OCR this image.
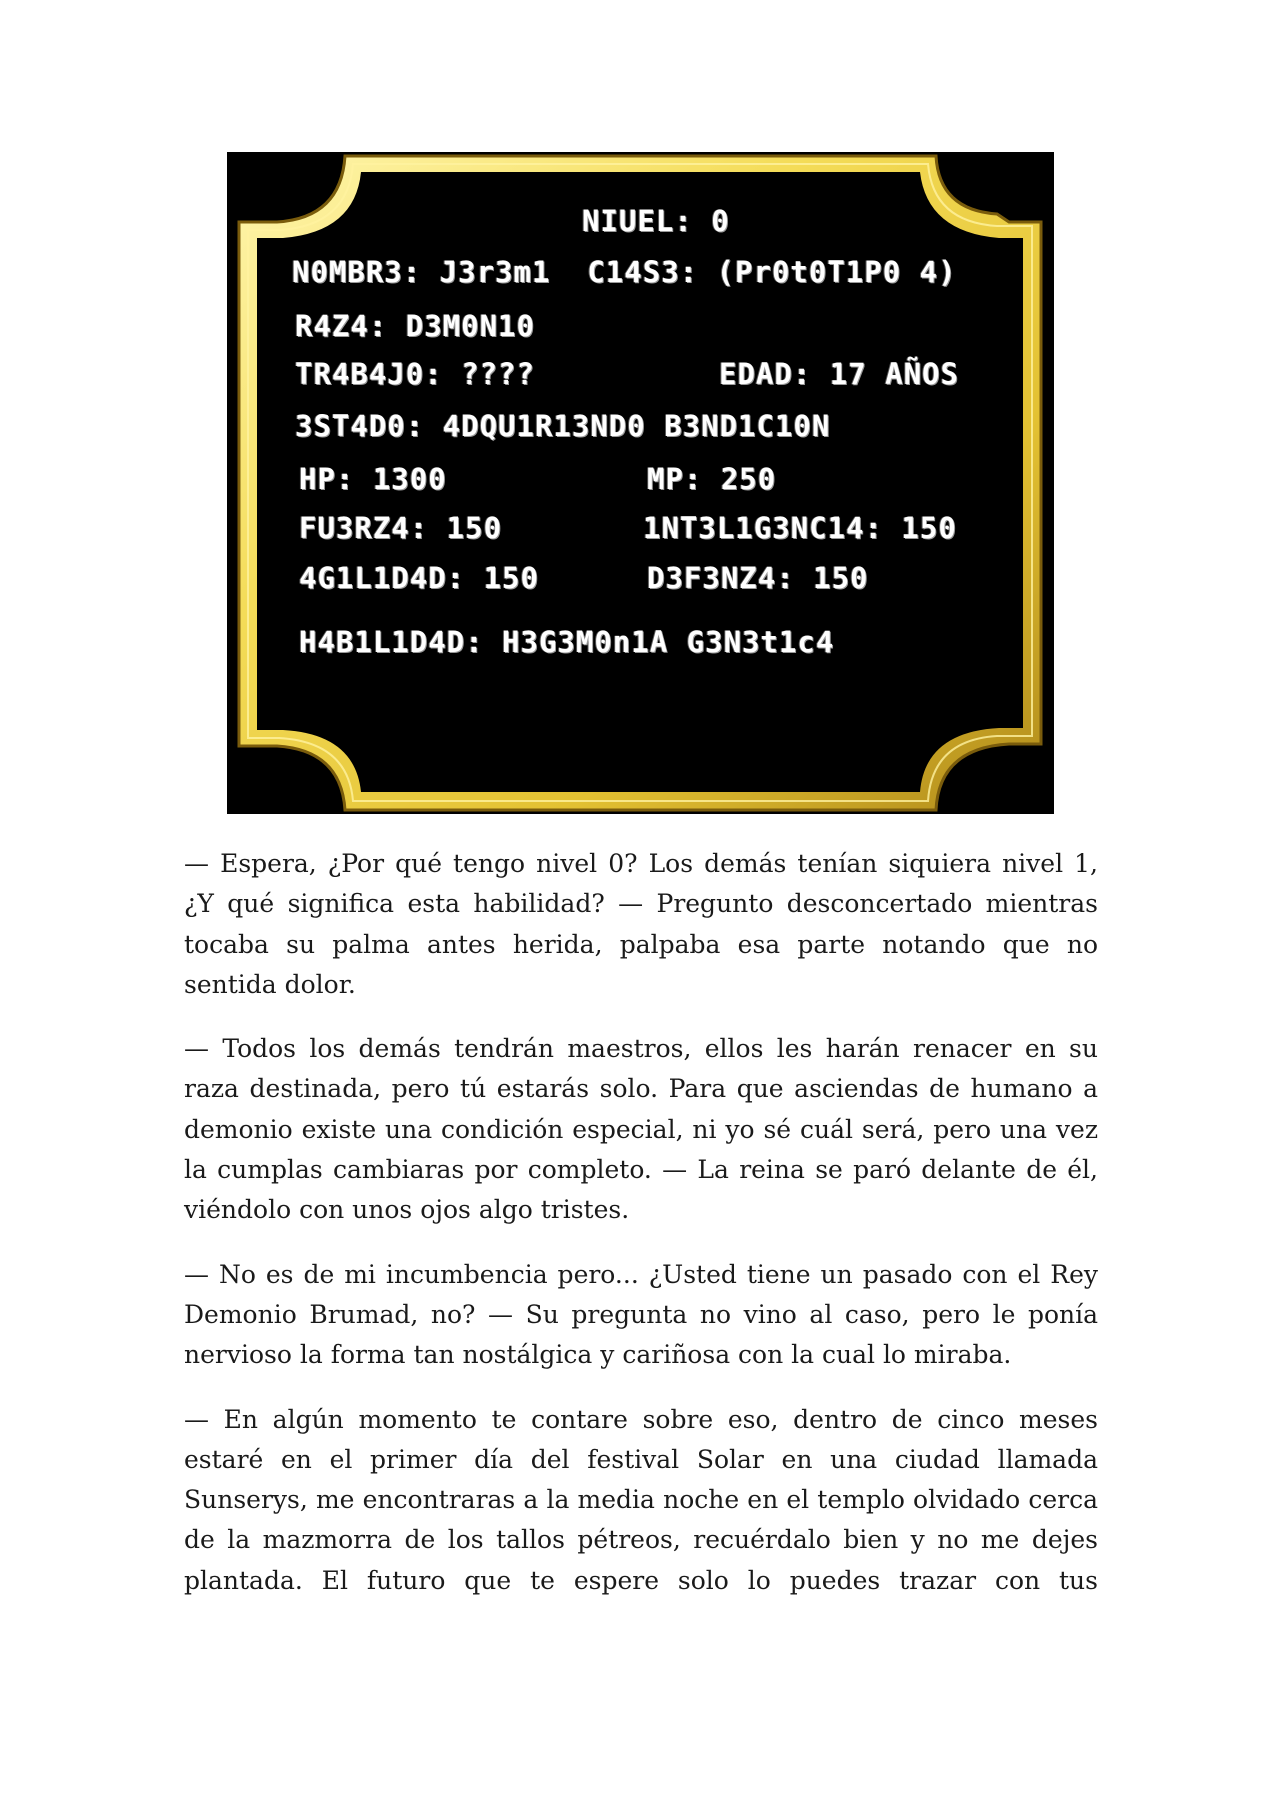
NIUEL: 0
N0MBR3: J3r3m1  C14S3: (Pr0t0T1P0 4)
R4Z4: D3M0N10
TR4B4J0: ????	EDAD: 17 AÑOS
3ST4D0: 4DQU1R13ND0 B3ND1C10N
HP: 1300	MP: 250
FU3RZ4: 150	1NT3L1G3NC14: 150
4G1L1D4D: 150	D3F3NZ4: 150
H4B1L1D4D: H3G3M0n1A G3N3t1c4

— Espera, ¿Por qué tengo nivel 0? Los demás tenían siquiera nivel 1, ¿Y qué significa esta habilidad? — Pregunto desconcertado mientras tocaba su palma antes herida, palpaba esa parte notando que no sentida dolor.

— Todos los demás tendrán maestros, ellos les harán renacer en su raza destinada, pero tú estarás solo. Para que asciendas de humano a demonio existe una condición especial, ni yo sé cuál será, pero una vez la cumplas cambiaras por completo. — La reina se paró delante de él, viéndolo con unos ojos algo tristes.

— No es de mi incumbencia pero... ¿Usted tiene un pasado con el Rey Demonio Brumad, no? — Su pregunta no vino al caso, pero le ponía nervioso la forma tan nostálgica y cariñosa con la cual lo miraba.

— En algún momento te contare sobre eso, dentro de cinco meses estaré en el primer día del festival Solar en una ciudad llamada Sunserys, me encontraras a la media noche en el templo olvidado cerca de la mazmorra de los tallos pétreos, recuérdalo bien y no me dejes plantada. El futuro que te espere solo lo puedes trazar con tus
